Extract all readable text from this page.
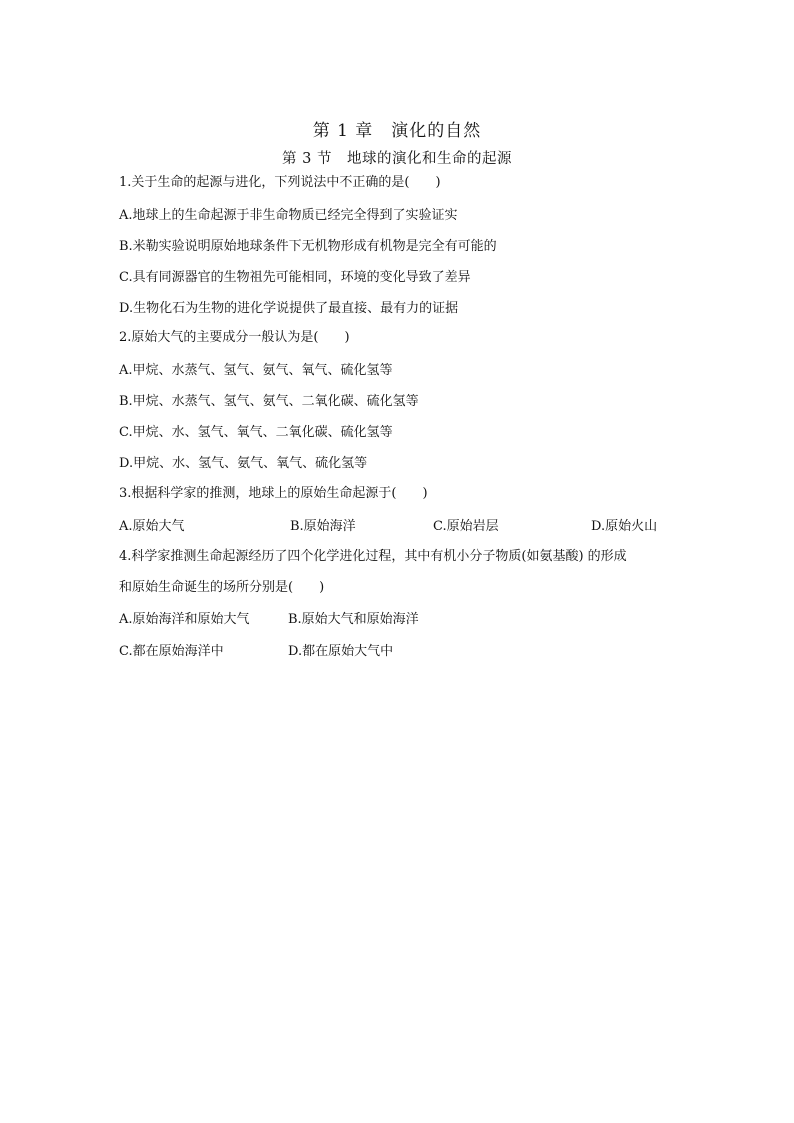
第 1 章　演化的自然
第 3 节　地球的演化和生命的起源
1.关于生命的起源与进化，下列说法中不正确的是(　　)
A.地球上的生命起源于非生命物质已经完全得到了实验证实
B.米勒实验说明原始地球条件下无机物形成有机物是完全有可能的
C.具有同源器官的生物祖先可能相同，环境的变化导致了差异
D.生物化石为生物的进化学说提供了最直接、最有力的证据
2.原始大气的主要成分一般认为是(　　)
A.甲烷、水蒸气、氢气、氨气、氧气、硫化氢等
B.甲烷、水蒸气、氢气、氨气、二氧化碳、硫化氢等
C.甲烷、水、氢气、氧气、二氧化碳、硫化氢等
D.甲烷、水、氢气、氨气、氧气、硫化氢等
3.根据科学家的推测，地球上的原始生命起源于(　　)
A.原始大气	B.原始海洋	C.原始岩层	D.原始火山
4.科学家推测生命起源经历了四个化学进化过程，其中有机小分子物质(如氨基酸) 的形成
和原始生命诞生的场所分别是(　　)
A.原始海洋和原始大气	B.原始大气和原始海洋
C.都在原始海洋中	D.都在原始大气中
